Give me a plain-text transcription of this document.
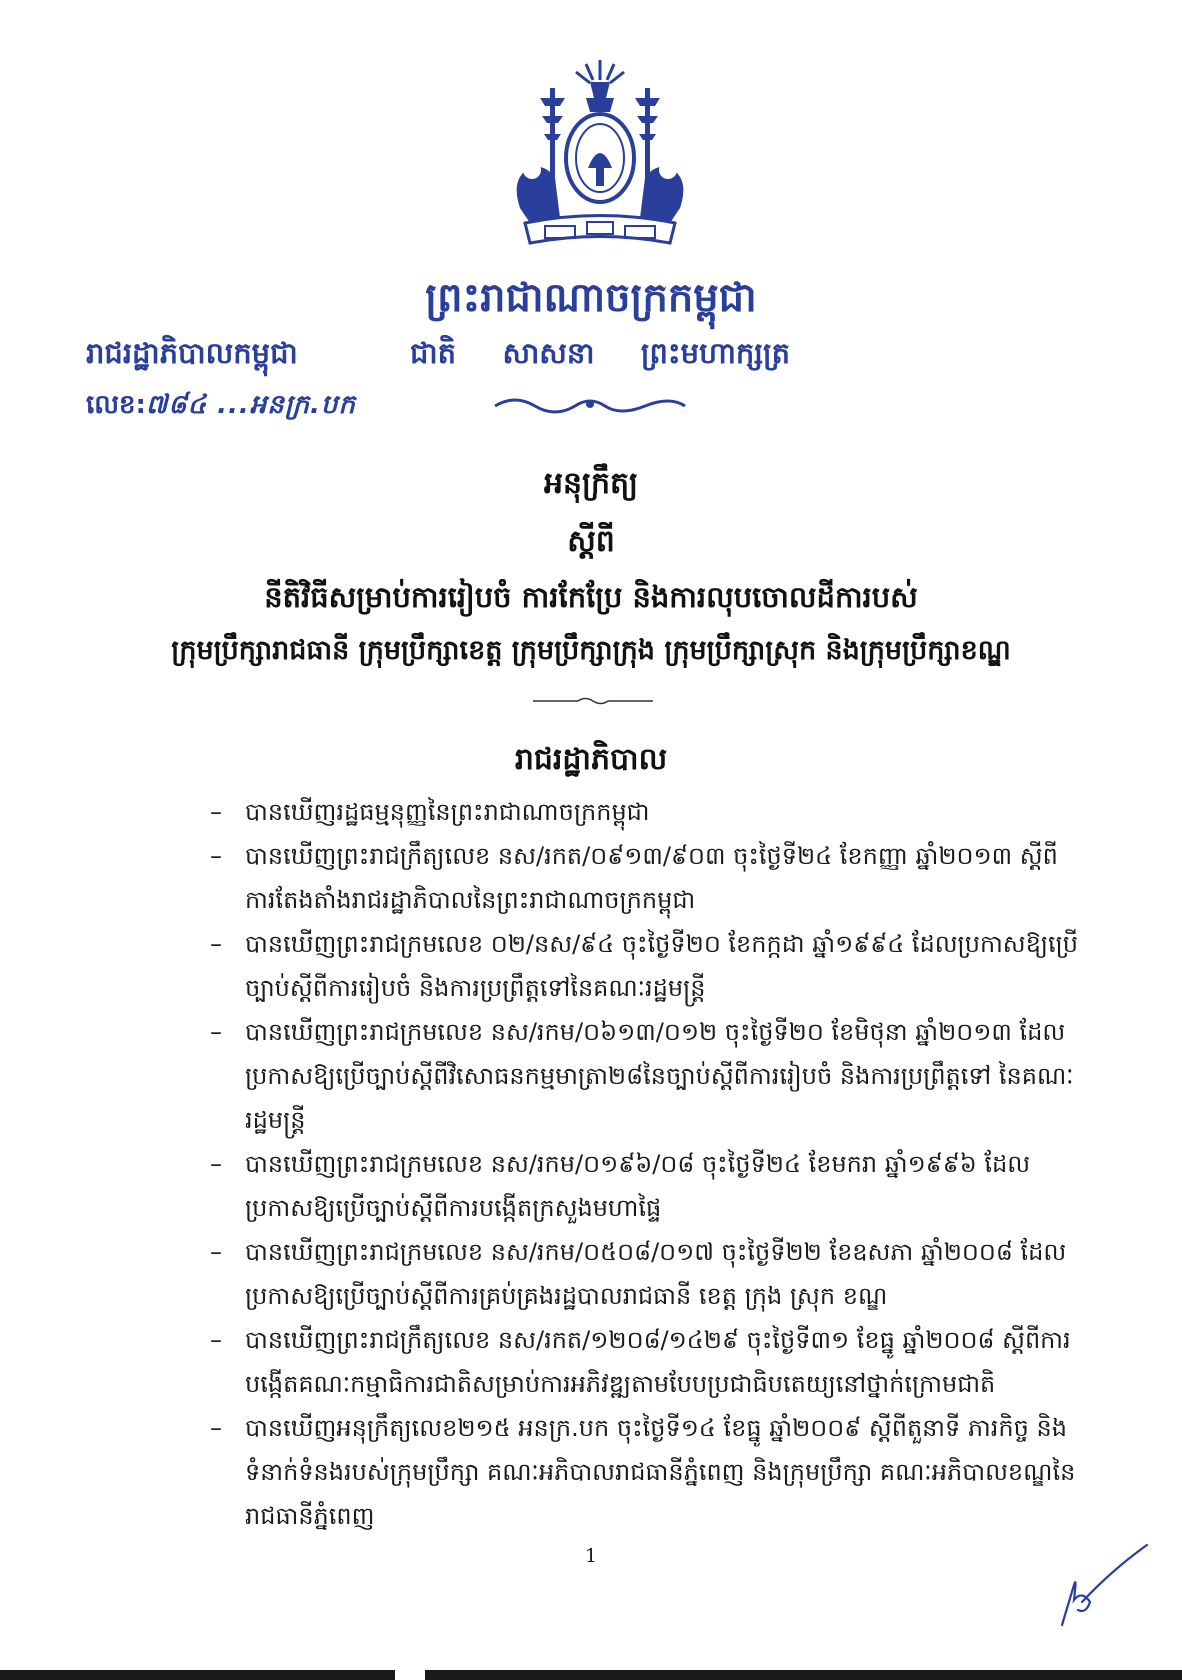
ព្រះរាជាណាចក្រកម្ពុជា
ជាតិ សាសនា ព្រះមហាក្សត្រ
រាជរដ្ឋាភិបាលកម្ពុជា
លេខ:៧៨៤ ...អនក្រ.បក
អនុក្រឹត្យ
ស្តីពី
នីតិវិធីសម្រាប់ការរៀបចំ ការកែប្រែ និងការលុបចោលដីការបស់
ក្រុមប្រឹក្សារាជធានី ក្រុមប្រឹក្សាខេត្ត ក្រុមប្រឹក្សាក្រុង ក្រុមប្រឹក្សាស្រុក និងក្រុមប្រឹក្សាខណ្ឌ
រាជរដ្ឋាភិបាល
– បានឃើញរដ្ឋធម្មនុញ្ញនៃព្រះរាជាណាចក្រកម្ពុជា
– បានឃើញព្រះរាជក្រឹត្យលេខ នស/រកត/០៩១៣/៩០៣ ចុះថ្ងៃទី២៤ ខែកញ្ញា ឆ្នាំ២០១៣ ស្តីពីការតែងតាំងរាជរដ្ឋាភិបាលនៃព្រះរាជាណាចក្រកម្ពុជា
– បានឃើញព្រះរាជក្រមលេខ ០២/នស/៩៤ ចុះថ្ងៃទី២០ ខែកក្កដា ឆ្នាំ១៩៩៤ ដែលប្រកាសឱ្យប្រើច្បាប់ស្តីពីការរៀបចំ និងការប្រព្រឹត្តទៅនៃគណៈរដ្ឋមន្ត្រី
– បានឃើញព្រះរាជក្រមលេខ នស/រកម/០៦១៣/០១២ ចុះថ្ងៃទី២០ ខែមិថុនា ឆ្នាំ២០១៣ ដែលប្រកាសឱ្យប្រើច្បាប់ស្តីពីវិសោធនកម្មមាត្រា២៨នៃច្បាប់ស្តីពីការរៀបចំ និងការប្រព្រឹត្តទៅ នៃគណៈរដ្ឋមន្ត្រី
– បានឃើញព្រះរាជក្រមលេខ នស/រកម/០១៩៦/០៨ ចុះថ្ងៃទី២៤ ខែមករា ឆ្នាំ១៩៩៦ ដែលប្រកាសឱ្យប្រើច្បាប់ស្តីពីការបង្កើតក្រសួងមហាផ្ទៃ
– បានឃើញព្រះរាជក្រមលេខ នស/រកម/០៥០៨/០១៧ ចុះថ្ងៃទី២២ ខែឧសភា ឆ្នាំ២០០៨ ដែលប្រកាសឱ្យប្រើច្បាប់ស្តីពីការគ្រប់គ្រងរដ្ឋបាលរាជធានី ខេត្ត ក្រុង ស្រុក ខណ្ឌ
– បានឃើញព្រះរាជក្រឹត្យលេខ នស/រកត/១២០៨/១៤២៩ ចុះថ្ងៃទី៣១ ខែធ្នូ ឆ្នាំ២០០៨ ស្តីពីការបង្កើតគណៈកម្មាធិការជាតិសម្រាប់ការអភិវឌ្ឍតាមបែបប្រជាធិបតេយ្យនៅថ្នាក់ក្រោមជាតិ
– បានឃើញអនុក្រឹត្យលេខ២១៥ អនក្រ.បក ចុះថ្ងៃទី១៤ ខែធ្នូ ឆ្នាំ២០០៩ ស្តីពីតួនាទី ភារកិច្ច និងទំនាក់ទំនងរបស់ក្រុមប្រឹក្សា គណៈអភិបាលរាជធានីភ្នំពេញ និងក្រុមប្រឹក្សា គណៈអភិបាលខណ្ឌនៃរាជធានីភ្នំពេញ
1
